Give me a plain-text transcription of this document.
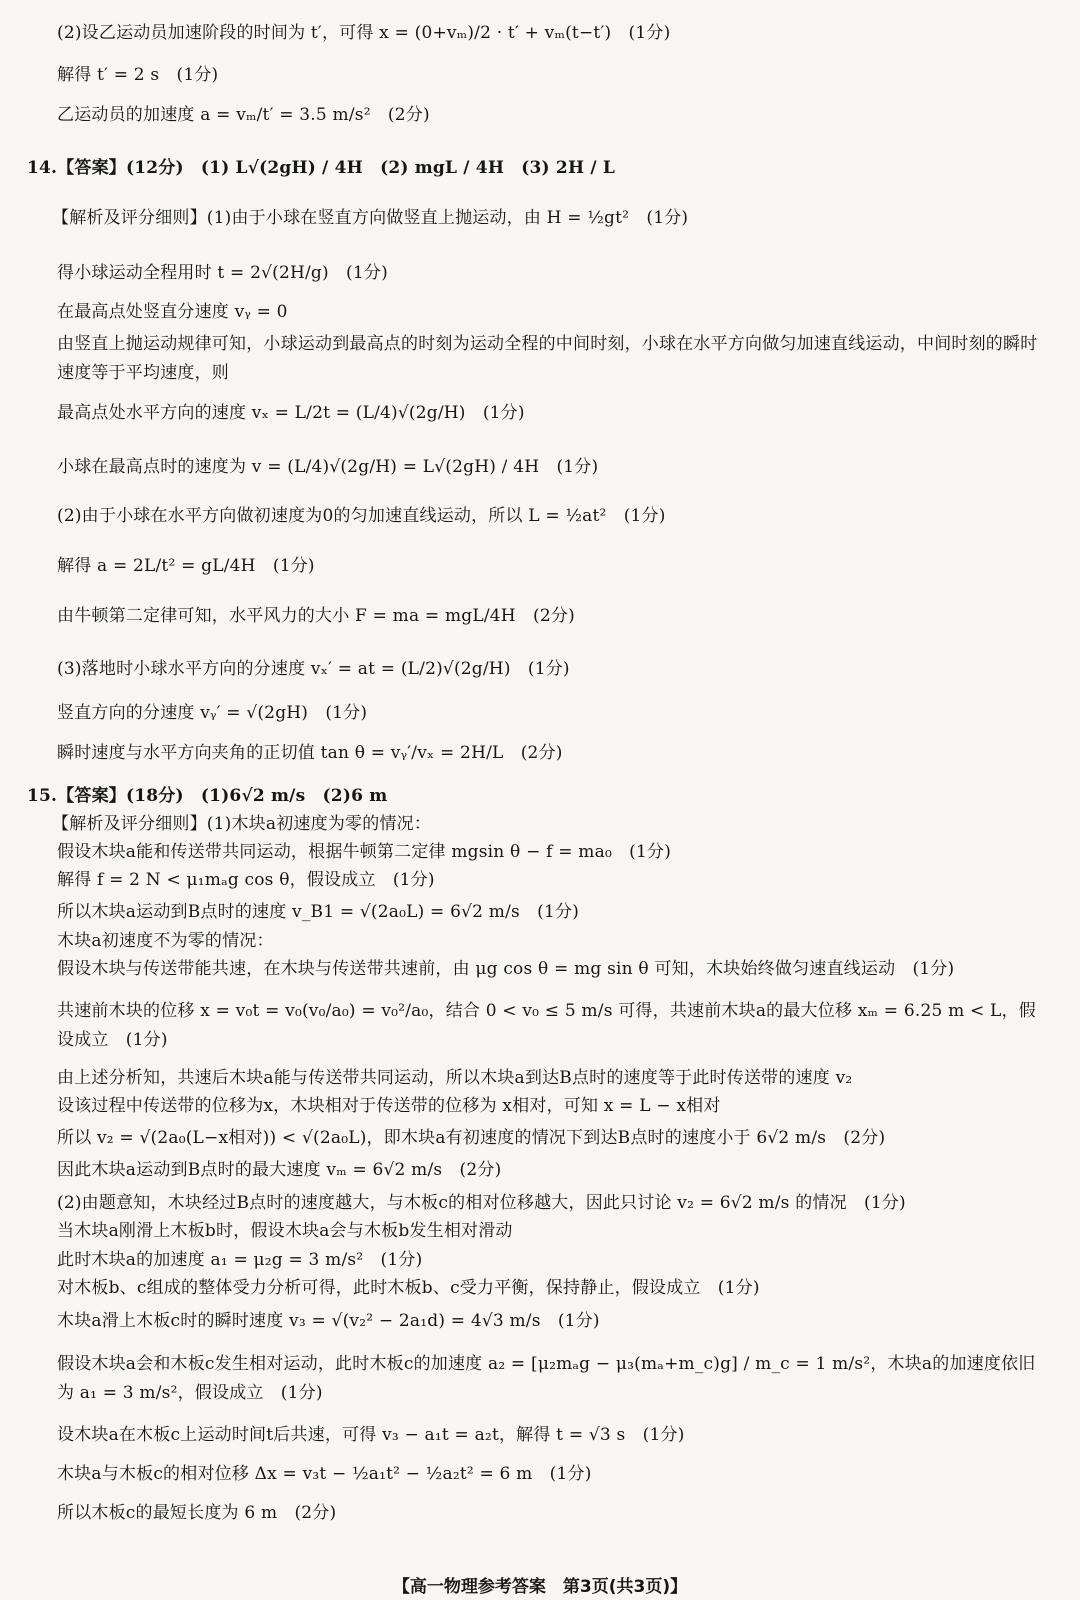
(2)设乙运动员加速阶段的时间为 t′，可得 x = (0+vₘ)/2 · t′ + vₘ(t−t′)　(1分)
解得 t′ = 2 s　(1分)
乙运动员的加速度 a = vₘ/t′ = 3.5 m/s²　(2分)
14.【答案】(12分)　(1) L√(2gH) / 4H　(2) mgL / 4H　(3) 2H / L
【解析及评分细则】(1)由于小球在竖直方向做竖直上抛运动，由 H = ½gt²　(1分)
得小球运动全程用时 t = 2√(2H/g)　(1分)
在最高点处竖直分速度 vᵧ = 0
由竖直上抛运动规律可知，小球运动到最高点的时刻为运动全程的中间时刻，小球在水平方向做匀加速直线运动，中间时刻的瞬时速度等于平均速度，则
最高点处水平方向的速度 vₓ = L/2t = (L/4)√(2g/H)　(1分)
小球在最高点时的速度为 v = (L/4)√(2g/H) = L√(2gH) / 4H　(1分)
(2)由于小球在水平方向做初速度为0的匀加速直线运动，所以 L = ½at²　(1分)
解得 a = 2L/t² = gL/4H　(1分)
由牛顿第二定律可知，水平风力的大小 F = ma = mgL/4H　(2分)
(3)落地时小球水平方向的分速度 vₓ′ = at = (L/2)√(2g/H)　(1分)
竖直方向的分速度 vᵧ′ = √(2gH)　(1分)
瞬时速度与水平方向夹角的正切值 tan θ = vᵧ′/vₓ = 2H/L　(2分)
15.【答案】(18分)　(1)6√2 m/s　(2)6 m
【解析及评分细则】(1)木块a初速度为零的情况：
假设木块a能和传送带共同运动，根据牛顿第二定律 mgsin θ − f = ma₀　(1分)
解得 f = 2 N < μ₁mₐg cos θ，假设成立　(1分)
所以木块a运动到B点时的速度 v_B1 = √(2a₀L) = 6√2 m/s　(1分)
木块a初速度不为零的情况：
假设木块与传送带能共速，在木块与传送带共速前，由 μg cos θ = mg sin θ 可知，木块始终做匀速直线运动　(1分)
共速前木块的位移 x = v₀t = v₀(v₀/a₀) = v₀²/a₀，结合 0 < v₀ ≤ 5 m/s 可得，共速前木块a的最大位移 xₘ = 6.25 m < L，假设成立　(1分)
由上述分析知，共速后木块a能与传送带共同运动，所以木块a到达B点时的速度等于此时传送带的速度 v₂
设该过程中传送带的位移为x，木块相对于传送带的位移为 x相对，可知 x = L − x相对
所以 v₂ = √(2a₀(L−x相对)) < √(2a₀L)，即木块a有初速度的情况下到达B点时的速度小于 6√2 m/s　(2分)
因此木块a运动到B点时的最大速度 vₘ = 6√2 m/s　(2分)
(2)由题意知，木块经过B点时的速度越大，与木板c的相对位移越大，因此只讨论 v₂ = 6√2 m/s 的情况　(1分)
当木块a刚滑上木板b时，假设木块a会与木板b发生相对滑动
此时木块a的加速度 a₁ = μ₂g = 3 m/s²　(1分)
对木板b、c组成的整体受力分析可得，此时木板b、c受力平衡，保持静止，假设成立　(1分)
木块a滑上木板c时的瞬时速度 v₃ = √(v₂² − 2a₁d) = 4√3 m/s　(1分)
假设木块a会和木板c发生相对运动，此时木板c的加速度 a₂ = [μ₂mₐg − μ₃(mₐ+m_c)g] / m_c = 1 m/s²，木块a的加速度依旧为 a₁ = 3 m/s²，假设成立　(1分)
设木块a在木板c上运动时间t后共速，可得 v₃ − a₁t = a₂t，解得 t = √3 s　(1分)
木块a与木板c的相对位移 Δx = v₃t − ½a₁t² − ½a₂t² = 6 m　(1分)
所以木板c的最短长度为 6 m　(2分)
【高一物理参考答案　第3页(共3页)】
